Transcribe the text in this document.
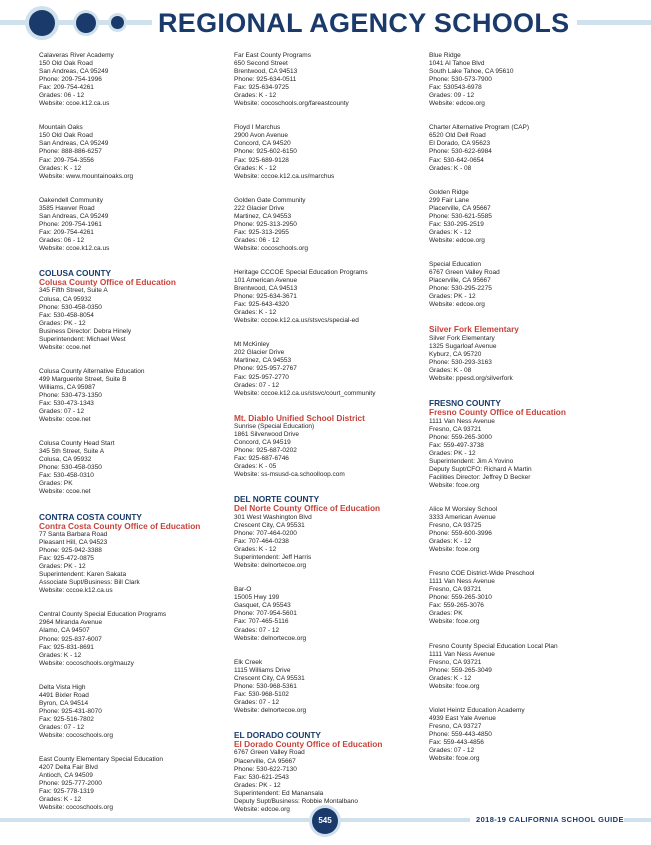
REGIONAL AGENCY SCHOOLS
Calaveras River Academy
150 Old Oak Road
San Andreas, CA 95249
Phone: 209-754-1996
Fax: 209-754-4261
Grades: 06 - 12
Website: ccoe.k12.ca.us
Mountain Oaks
150 Old Oak Road
San Andreas, CA 95249
Phone: 888-886-6257
Fax: 209-754-3556
Grades: K - 12
Website: www.mountainoaks.org
Oakendell Community
3585 Hawver Road
San Andreas, CA 95249
Phone: 209-754-1961
Fax: 209-754-4261
Grades: 06 - 12
Website: ccoe.k12.ca.us
COLUSA COUNTY
Colusa County Office of Education
345 Fifth Street, Suite A
Colusa, CA 95932
Phone: 530-458-0350
Fax: 530-458-8054
Grades: PK - 12
Business Director: Debra Hinely
Superintendent: Michael West
Website: ccoe.net
Colusa County Alternative Education
499 Marguerite Street, Suite B
Williams, CA 95987
Phone: 530-473-1350
Fax: 530-473-1343
Grades: 07 - 12
Website: ccoe.net
Colusa County Head Start
345 5th Street, Suite A
Colusa, CA 95932
Phone: 530-458-0350
Fax: 530-458-0310
Grades: PK
Website: ccoe.net
CONTRA COSTA COUNTY
Contra Costa County Office of Education
77 Santa Barbara Road
Pleasant Hill, CA 94523
Phone: 925-942-3388
Fax: 925-472-0875
Grades: PK - 12
Superintendent: Karen Sakata
Associate Supt/Business: Bill Clark
Website: cccoe.k12.ca.us
Central County Special Education Programs
2964 Miranda Avenue
Alamo, CA 94507
Phone: 925-837-6007
Fax: 925-831-8691
Grades: K - 12
Website: cocoschools.org/mauzy
Delta Vista High
4491 Bixler Road
Byron, CA 94514
Phone: 925-431-8070
Fax: 925-516-7802
Grades: 07 - 12
Website: cocoschools.org
East County Elementary Special Education
4207 Delta Fair Blvd
Antioch, CA 94509
Phone: 925-777-2000
Fax: 925-778-1319
Grades: K - 12
Website: cocoschools.org
Far East County Programs
650 Second Street
Brentwood, CA 94513
Phone: 925-634-0511
Fax: 925-634-9725
Grades: K - 12
Website: cocoschools.org/fareastcounty
Floyd I Marchus
2900 Avon Avenue
Concord, CA 94520
Phone: 925-602-6150
Fax: 925-689-9128
Grades: K - 12
Website: cccoe.k12.ca.us/marchus
Golden Gate Community
222 Glacier Drive
Martinez, CA 94553
Phone: 925-313-2950
Fax: 925-313-2955
Grades: 06 - 12
Website: cocoschools.org
Heritage CCCOE Special Education Programs
101 American Avenue
Brentwood, CA 94513
Phone: 925-634-3671
Fax: 925-643-4320
Grades: K - 12
Website: cccoe.k12.ca.us/stsvcs/special-ed
Mt McKinley
202 Glacier Drive
Martinez, CA 94553
Phone: 925-957-2767
Fax: 925-957-2770
Grades: 07 - 12
Website: cccoe.k12.ca.us/stsvc/court_community
Mt. Diablo Unified School District
Sunrise (Special Education)
1861 Silverwood Drive
Concord, CA 94519
Phone: 925-687-0202
Fax: 925-687-6746
Grades: K - 05
Website: ss-msusd-ca.schoolloop.com
DEL NORTE COUNTY
Del Norte County Office of Education
301 West Washington Blvd
Crescent City, CA 95531
Phone: 707-464-0200
Fax: 707-464-0238
Grades: K - 12
Superintendent: Jeff Harris
Website: delnortecoe.org
Bar-O
15005 Hwy 199
Gasquet, CA 95543
Phone: 707-954-5601
Fax: 707-465-5116
Grades: 07 - 12
Website: delnortecoe.org
Elk Creek
1115 Williams Drive
Crescent City, CA 95531
Phone: 530-968-5361
Fax: 530-968-5102
Grades: 07 - 12
Website: delnortecoe.org
EL DORADO COUNTY
El Dorado County Office of Education
6767 Green Valley Road
Placerville, CA 95667
Phone: 530-622-7130
Fax: 530-621-2543
Grades: PK - 12
Superintendent: Ed Manansala
Deputy Supt/Business: Robbie Montalbano
Website: edcoe.org
Blue Ridge
1041 Al Tahoe Blvd
South Lake Tahoe, CA 95610
Phone: 530-573-7900
Fax: 530543-6978
Grades: 09 - 12
Website: edcoe.org
Charter Alternative Program (CAP)
6520 Old Dell Road
El Dorado, CA 95623
Phone: 530-622-6984
Fax: 530-642-0654
Grades: K - 08
Golden Ridge
299 Fair Lane
Placerville, CA 95667
Phone: 530-621-5585
Fax: 530-295-2519
Grades: K - 12
Website: edcoe.org
Special Education
6767 Green Valley Road
Placerville, CA 95667
Phone: 530-295-2275
Grades: PK - 12
Website: edcoe.org
Silver Fork Elementary
Silver Fork Elementary
1325 Sugarloaf Avenue
Kyburz, CA 95720
Phone: 530-293-3163
Grades: K - 08
Website: ppesd.org/silverfork
FRESNO COUNTY
Fresno County Office of Education
1111 Van Ness Avenue
Fresno, CA 93721
Phone: 559-265-3000
Fax: 559-497-3738
Grades: PK - 12
Superintendent: Jim A Yovino
Deputy Supt/CFO: Richard A Martin
Facilities Director: Jeffrey D Becker
Website: fcoe.org
Alice M Worsley School
3333 American Avenue
Fresno, CA 93725
Phone: 559-600-3996
Grades: K - 12
Website: fcoe.org
Fresno COE District-Wide Preschool
1111 Van Ness Avenue
Fresno, CA 93721
Phone: 559-265-3010
Fax: 559-265-3076
Grades: PK
Website: fcoe.org
Fresno County Special Education Local Plan
1111 Van Ness Avenue
Fresno, CA 93721
Phone: 559-265-3049
Grades: K - 12
Website: fcoe.org
Violet Heintz Education Academy
4939 East Yale Avenue
Fresno, CA 93727
Phone: 559-443-4850
Fax: 559-443-4856
Grades: 07 - 12
Website: fcoe.org
545	2018-19 CALIFORNIA SCHOOL GUIDE
